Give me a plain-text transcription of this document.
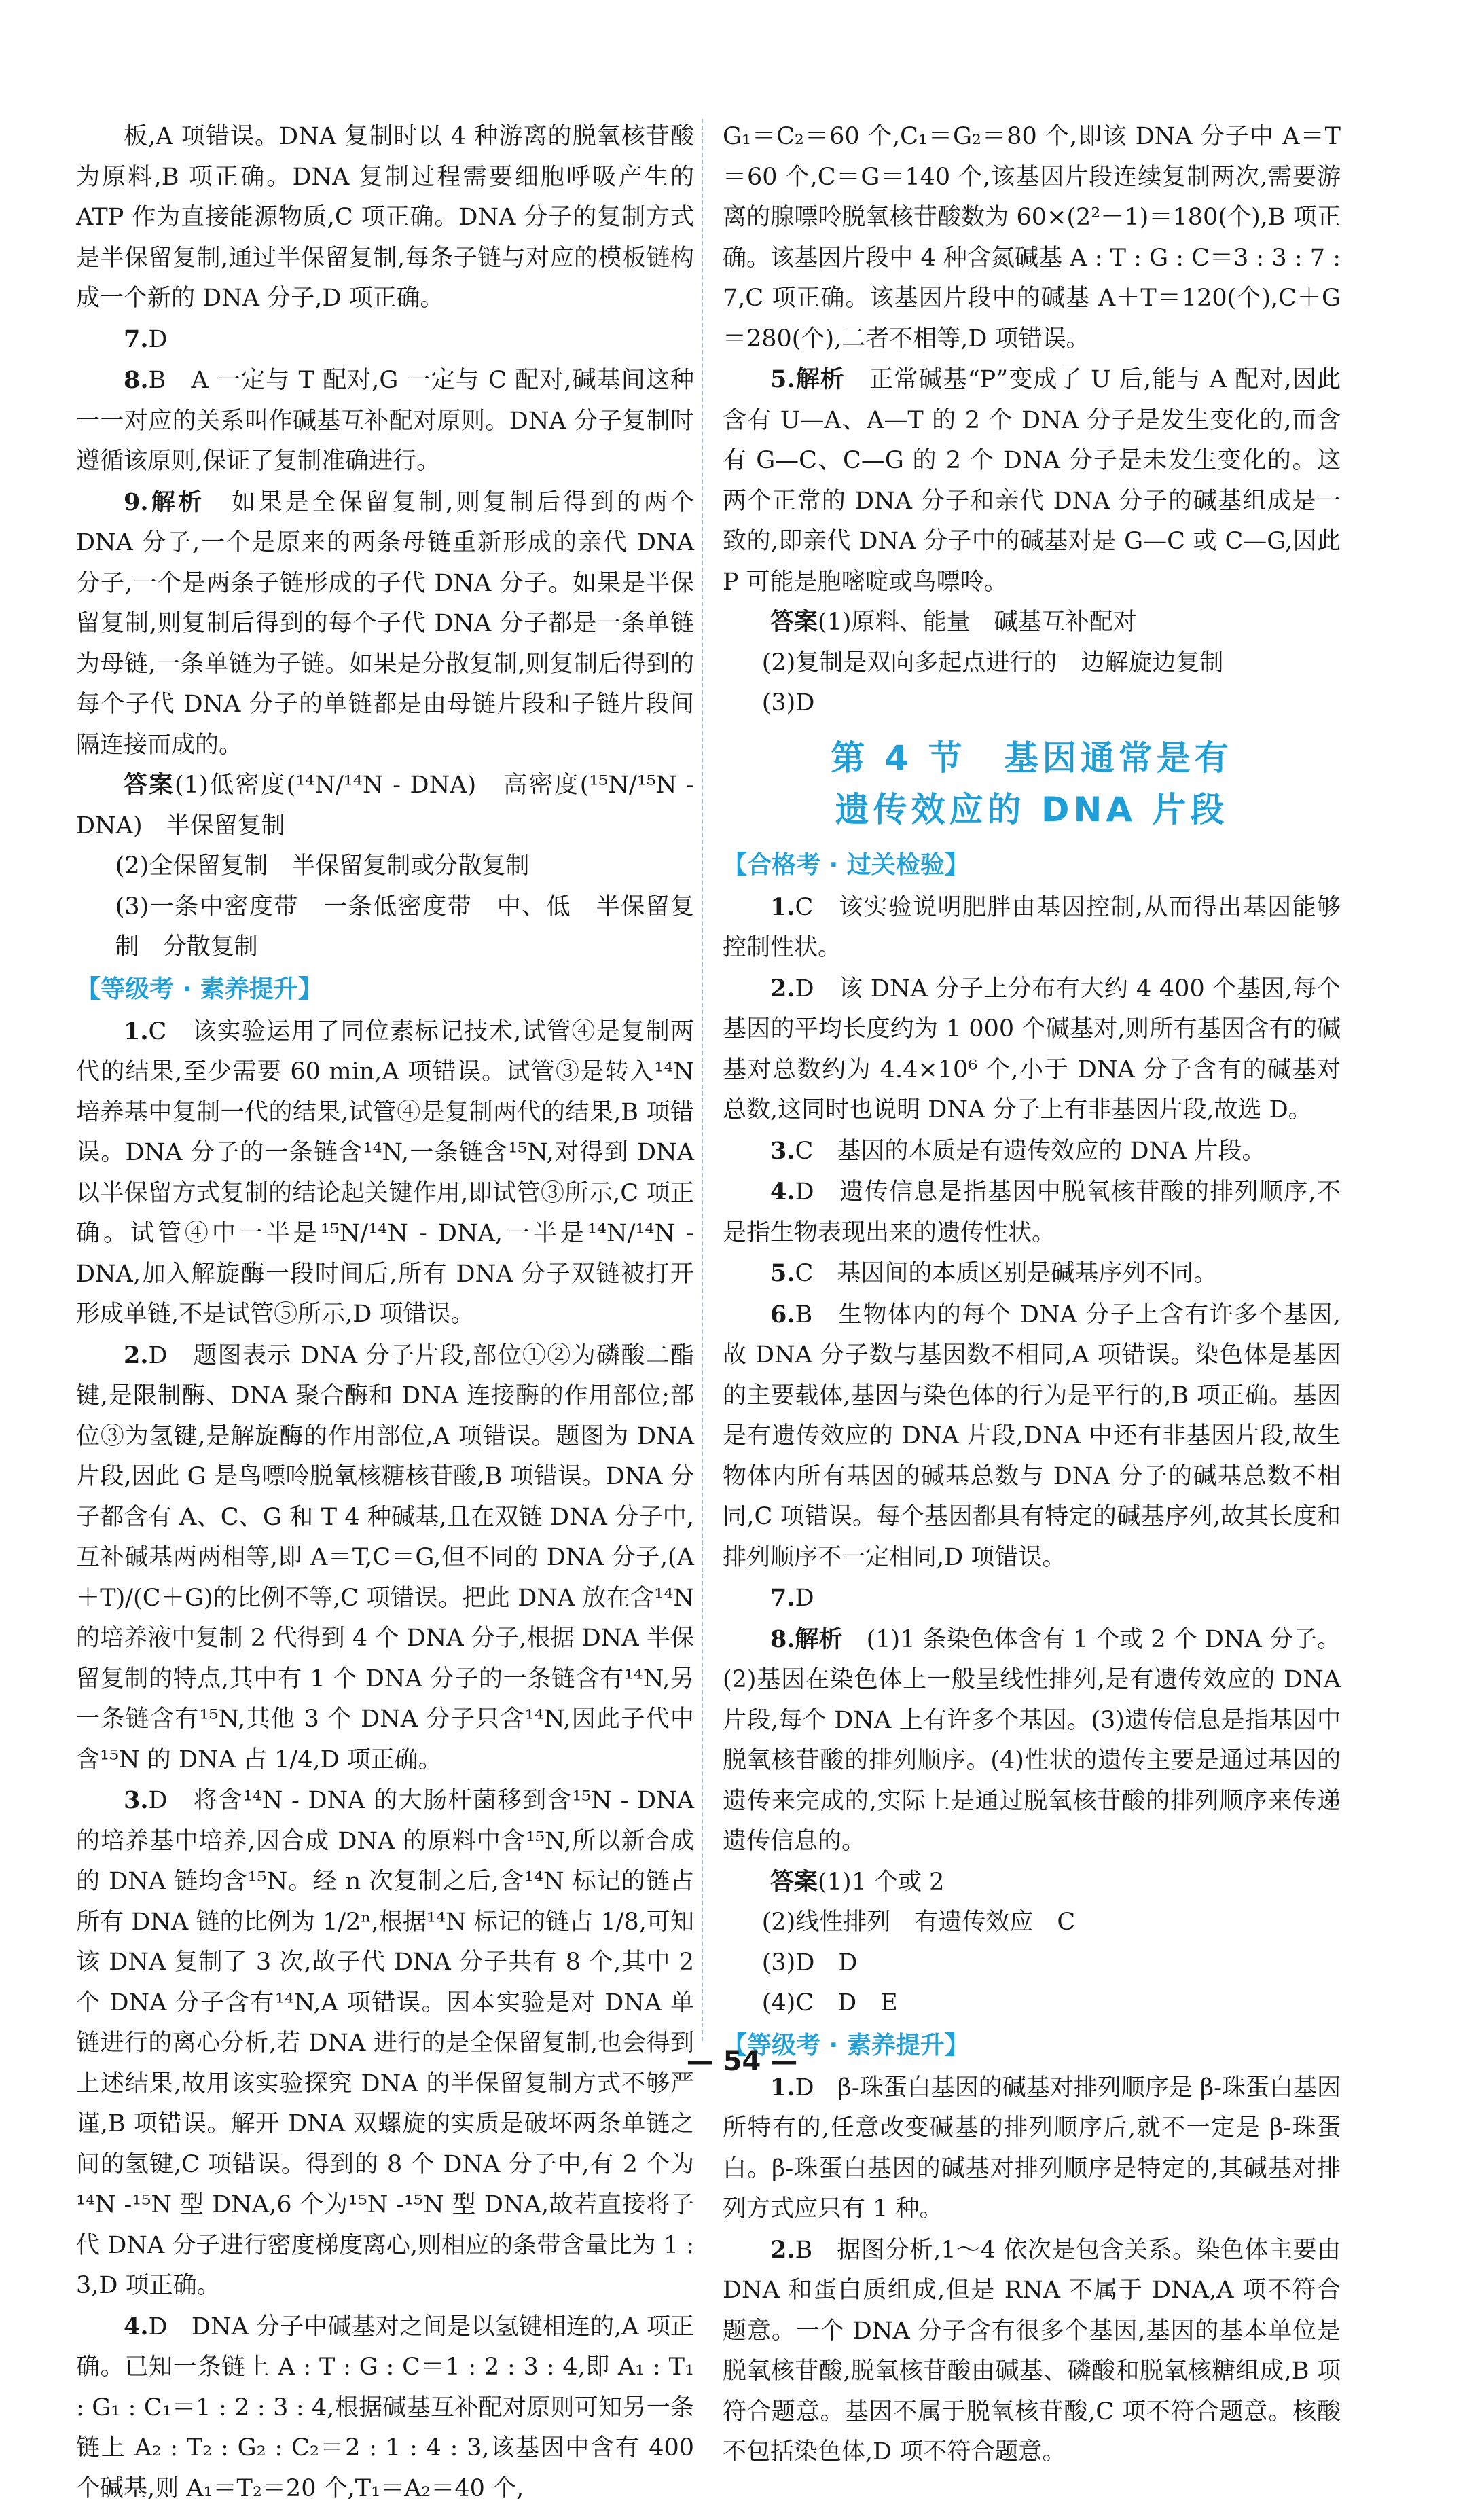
板,A 项错误。DNA 复制时以 4 种游离的脱氧核苷酸为原料,B 项正确。DNA 复制过程需要细胞呼吸产生的 ATP 作为直接能源物质,C 项正确。DNA 分子的复制方式是半保留复制,通过半保留复制,每条子链与对应的模板链构成一个新的 DNA 分子,D 项正确。

7.D

8.B　A 一定与 T 配对,G 一定与 C 配对,碱基间这种一一对应的关系叫作碱基互补配对原则。DNA 分子复制时遵循该原则,保证了复制准确进行。

9.解析　 如果是全保留复制,则复制后得到的两个 DNA 分子,一个是原来的两条母链重新形成的亲代 DNA 分子,一个是两条子链形成的子代 DNA 分子。如果是半保留复制,则复制后得到的每个子代 DNA 分子都是一条单链为母链,一条单链为子链。如果是分散复制,则复制后得到的每个子代 DNA 分子的单链都是由母链片段和子链片段间隔连接而成的。

答案(1)低密度(¹⁴N/¹⁴N - DNA)　高密度(¹⁵N/¹⁵N - DNA)　半保留复制

(2)全保留复制　半保留复制或分散复制

(3)一条中密度带　一条低密度带　中、低　半保留复制　分散复制

【等级考 · 素养提升】

1.C　该实验运用了同位素标记技术,试管④是复制两代的结果,至少需要 60 min,A 项错误。试管③是转入¹⁴N 培养基中复制一代的结果,试管④是复制两代的结果,B 项错误。DNA 分子的一条链含¹⁴N,一条链含¹⁵N,对得到 DNA 以半保留方式复制的结论起关键作用,即试管③所示,C 项正确。试管④中一半是¹⁵N/¹⁴N - DNA,一半是¹⁴N/¹⁴N - DNA,加入解旋酶一段时间后,所有 DNA 分子双链被打开形成单链,不是试管⑤所示,D 项错误。

2.D　题图表示 DNA 分子片段,部位①②为磷酸二酯键,是限制酶、DNA 聚合酶和 DNA 连接酶的作用部位;部位③为氢键,是解旋酶的作用部位,A 项错误。题图为 DNA 片段,因此 G 是鸟嘌呤脱氧核糖核苷酸,B 项错误。DNA 分子都含有 A、C、G 和 T 4 种碱基,且在双链 DNA 分子中,互补碱基两两相等,即 A＝T,C＝G,但不同的 DNA 分子,(A＋T)/(C＋G)的比例不等,C 项错误。把此 DNA 放在含¹⁴N 的培养液中复制 2 代得到 4 个 DNA 分子,根据 DNA 半保留复制的特点,其中有 1 个 DNA 分子的一条链含有¹⁴N,另一条链含有¹⁵N,其他 3 个 DNA 分子只含¹⁴N,因此子代中含¹⁵N 的 DNA 占 1/4,D 项正确。

3.D　将含¹⁴N - DNA 的大肠杆菌移到含¹⁵N - DNA 的培养基中培养,因合成 DNA 的原料中含¹⁵N,所以新合成的 DNA 链均含¹⁵N。经 n 次复制之后,含¹⁴N 标记的链占所有 DNA 链的比例为 1/2ⁿ,根据¹⁴N 标记的链占 1/8,可知该 DNA 复制了 3 次,故子代 DNA 分子共有 8 个,其中 2 个 DNA 分子含有¹⁴N,A 项错误。因本实验是对 DNA 单链进行的离心分析,若 DNA 进行的是全保留复制,也会得到上述结果,故用该实验探究 DNA 的半保留复制方式不够严谨,B 项错误。解开 DNA 双螺旋的实质是破坏两条单链之间的氢键,C 项错误。得到的 8 个 DNA 分子中,有 2 个为¹⁴N -¹⁵N 型 DNA,6 个为¹⁵N -¹⁵N 型 DNA,故若直接将子代 DNA 分子进行密度梯度离心,则相应的条带含量比为 1 : 3,D 项正确。

4.D　DNA 分子中碱基对之间是以氢键相连的,A 项正确。已知一条链上 A : T : G : C＝1 : 2 : 3 : 4,即 A₁ : T₁ : G₁ : C₁＝1 : 2 : 3 : 4,根据碱基互补配对原则可知另一条链上 A₂ : T₂ : G₂ : C₂＝2 : 1 : 4 : 3,该基因中含有 400 个碱基,则 A₁＝T₂＝20 个,T₁＝A₂＝40 个,

G₁＝C₂＝60 个,C₁＝G₂＝80 个,即该 DNA 分子中 A＝T＝60 个,C＝G＝140 个,该基因片段连续复制两次,需要游离的腺嘌呤脱氧核苷酸数为 60×(2²－1)＝180(个),B 项正确。该基因片段中 4 种含氮碱基 A : T : G : C＝3 : 3 : 7 : 7,C 项正确。该基因片段中的碱基 A＋T＝120(个),C＋G＝280(个),二者不相等,D 项错误。

5.解析　 正常碱基“P”变成了 U 后,能与 A 配对,因此含有 U—A、A—T 的 2 个 DNA 分子是发生变化的,而含有 G—C、C—G 的 2 个 DNA 分子是未发生变化的。这两个正常的 DNA 分子和亲代 DNA 分子的碱基组成是一致的,即亲代 DNA 分子中的碱基对是 G—C 或 C—G,因此 P 可能是胞嘧啶或鸟嘌呤。

答案(1)原料、能量　碱基互补配对

(2)复制是双向多起点进行的　边解旋边复制

(3)D

第 4 节　基因通常是有
遗传效应的 DNA 片段
【合格考 · 过关检验】

1.C　该实验说明肥胖由基因控制,从而得出基因能够控制性状。

2.D　该 DNA 分子上分布有大约 4 400 个基因,每个基因的平均长度约为 1 000 个碱基对,则所有基因含有的碱基对总数约为 4.4×10⁶ 个,小于 DNA 分子含有的碱基对总数,这同时也说明 DNA 分子上有非基因片段,故选 D。

3.C　基因的本质是有遗传效应的 DNA 片段。

4.D　遗传信息是指基因中脱氧核苷酸的排列顺序,不是指生物表现出来的遗传性状。

5.C　基因间的本质区别是碱基序列不同。

6.B　生物体内的每个 DNA 分子上含有许多个基因,故 DNA 分子数与基因数不相同,A 项错误。染色体是基因的主要载体,基因与染色体的行为是平行的,B 项正确。基因是有遗传效应的 DNA 片段,DNA 中还有非基因片段,故生物体内所有基因的碱基总数与 DNA 分子的碱基总数不相同,C 项错误。每个基因都具有特定的碱基序列,故其长度和排列顺序不一定相同,D 项错误。

7.D

8.解析　 (1)1 条染色体含有 1 个或 2 个 DNA 分子。(2)基因在染色体上一般呈线性排列,是有遗传效应的 DNA 片段,每个 DNA 上有许多个基因。(3)遗传信息是指基因中脱氧核苷酸的排列顺序。(4)性状的遗传主要是通过基因的遗传来完成的,实际上是通过脱氧核苷酸的排列顺序来传递遗传信息的。

答案(1)1 个或 2

(2)线性排列　有遗传效应　C

(3)D　D

(4)C　D　E

【等级考 · 素养提升】

1.D　β-珠蛋白基因的碱基对排列顺序是 β-珠蛋白基因所特有的,任意改变碱基的排列顺序后,就不一定是 β-珠蛋白。β-珠蛋白基因的碱基对排列顺序是特定的,其碱基对排列方式应只有 1 种。

2.B　据图分析,1～4 依次是包含关系。染色体主要由 DNA 和蛋白质组成,但是 RNA 不属于 DNA,A 项不符合题意。一个 DNA 分子含有很多个基因,基因的基本单位是脱氧核苷酸,脱氧核苷酸由碱基、磷酸和脱氧核糖组成,B 项符合题意。基因不属于脱氧核苷酸,C 项不符合题意。核酸不包括染色体,D 项不符合题意。

— 54 —
